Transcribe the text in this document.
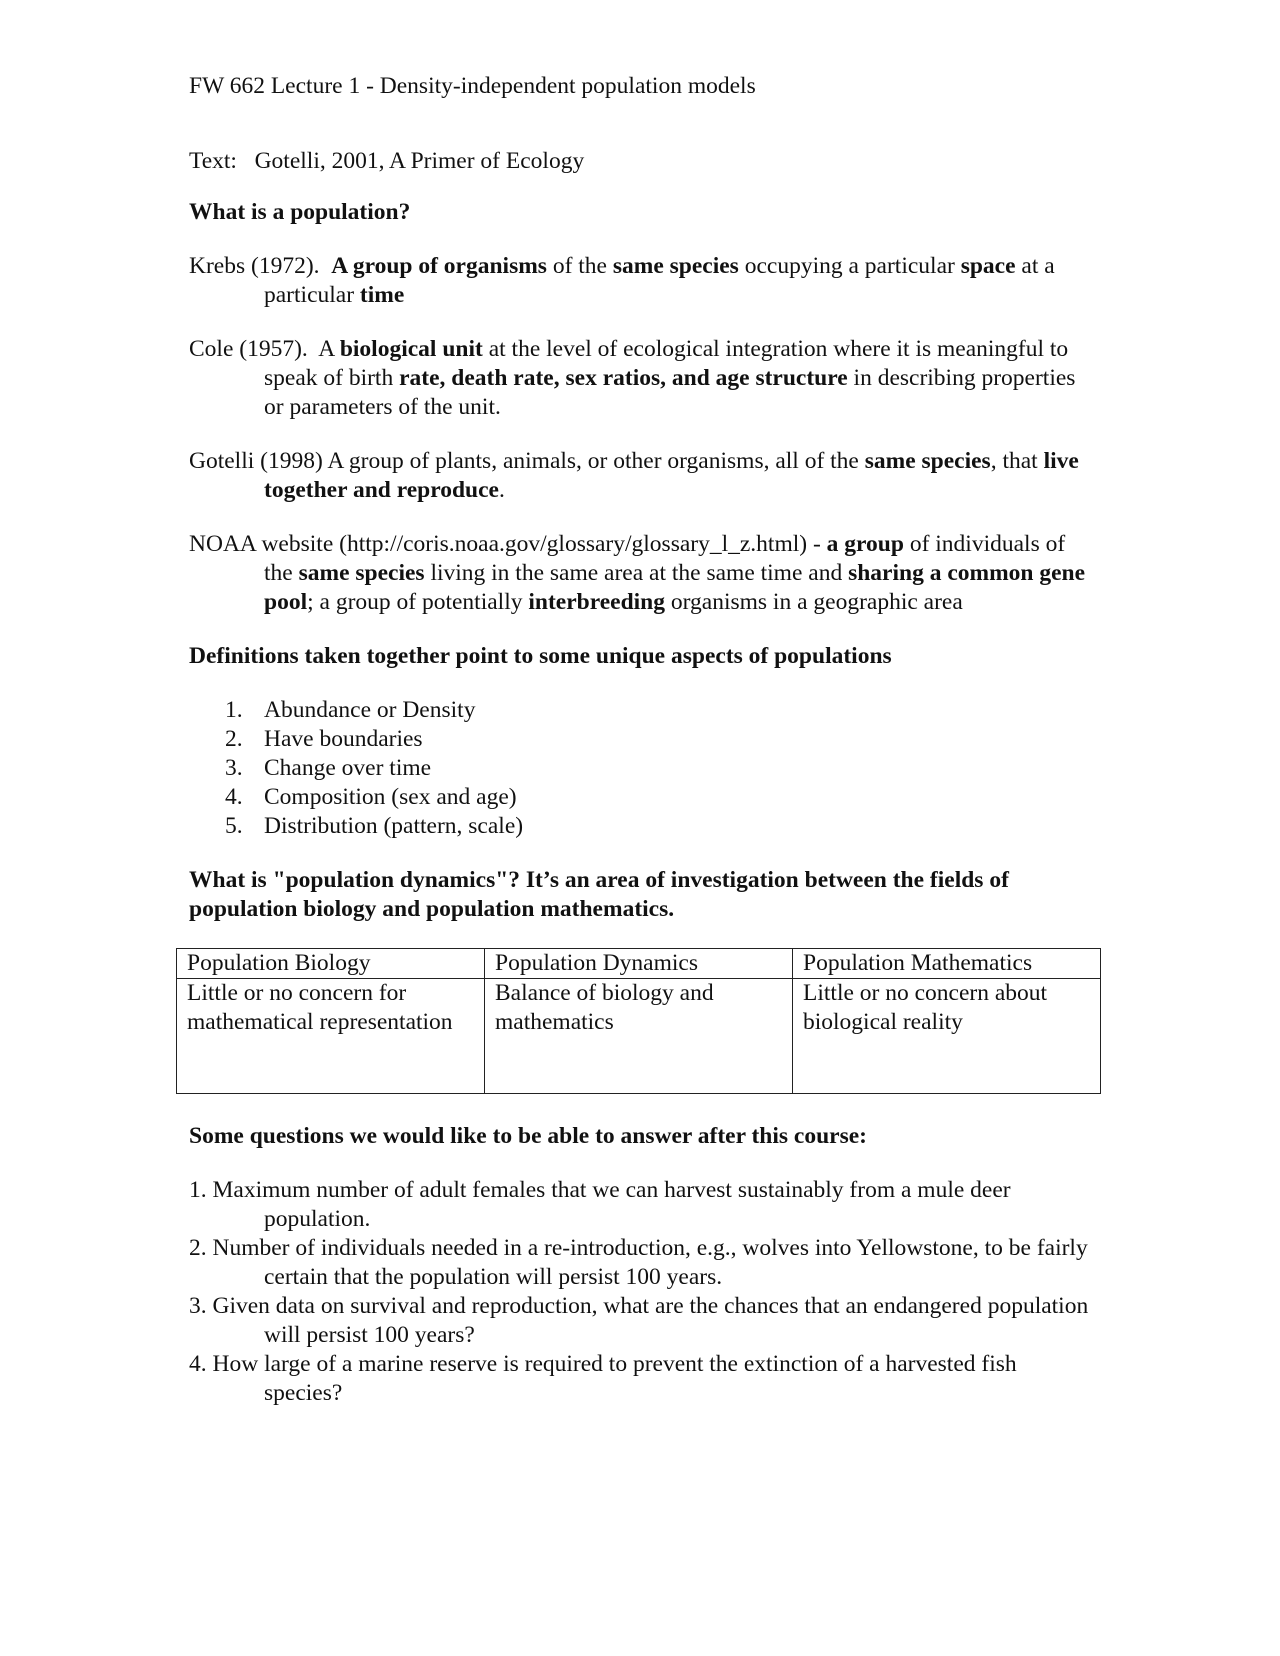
FW 662 Lecture 1 - Density-independent population models

Text: Gotelli, 2001, A Primer of Ecology

What is a population?

Krebs (1972). A group of organisms of the same species occupying a particular space at a particular time

Cole (1957). A biological unit at the level of ecological integration where it is meaningful to speak of birth rate, death rate, sex ratios, and age structure in describing properties or parameters of the unit.

Gotelli (1998) A group of plants, animals, or other organisms, all of the same species, that live together and reproduce.

NOAA website (http://coris.noaa.gov/glossary/glossary_l_z.html) - a group of individuals of the same species living in the same area at the same time and sharing a common gene pool; a group of potentially interbreeding organisms in a geographic area

Definitions taken together point to some unique aspects of populations

1. Abundance or Density
2. Have boundaries
3. Change over time
4. Composition (sex and age)
5. Distribution (pattern, scale)

What is "population dynamics"? It’s an area of investigation between the fields of population biology and population mathematics.

Population Biology	Population Dynamics	Population Mathematics
Little or no concern for mathematical representation	Balance of biology and mathematics	Little or no concern about biological reality

Some questions we would like to be able to answer after this course:

1. Maximum number of adult females that we can harvest sustainably from a mule deer population.
2. Number of individuals needed in a re-introduction, e.g., wolves into Yellowstone, to be fairly certain that the population will persist 100 years.
3. Given data on survival and reproduction, what are the chances that an endangered population will persist 100 years?
4. How large of a marine reserve is required to prevent the extinction of a harvested fish species?
